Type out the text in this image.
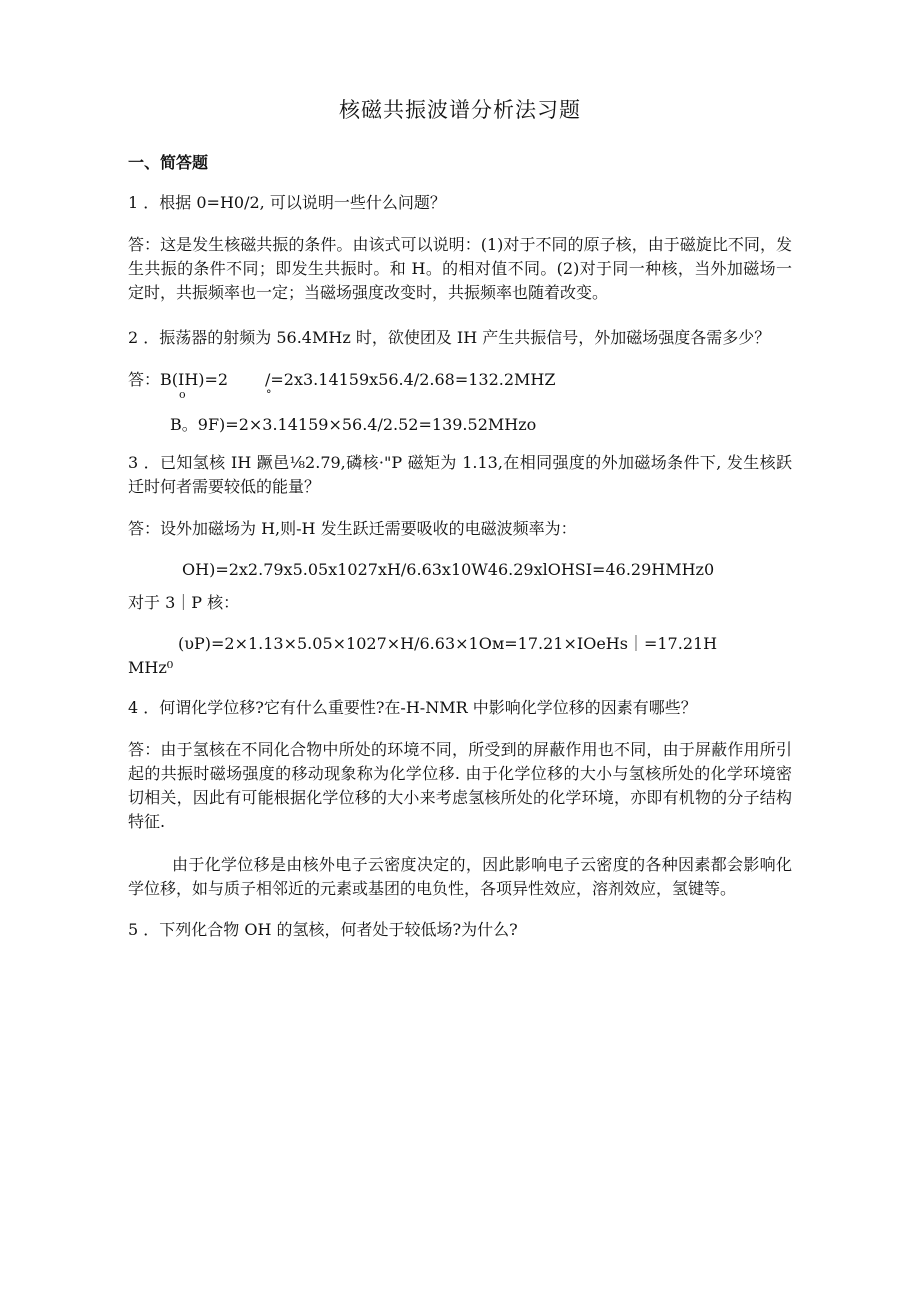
核磁共振波谱分析法习题
一、简答题
1 ．根据 0=H0/2, 可以说明一些什么问题？
答：这是发生核磁共振的条件。由该式可以说明：(1)对于不同的原子核，由于磁旋比不同，发生共振的条件不同；即发生共振时。和 H。的相对值不同。(2)对于同一种核，当外加磁场一定时，共振频率也一定；当磁场强度改变时，共振频率也随着改变。
2 ．振荡器的射频为 56.4MHz 时，欲使团及 IH 产生共振信号，外加磁场强度各需多少？
答：B(IH)=2 /=2x3.14159x56.4/2.68=132.2MHZ
o	°
B。9F)=2×3.14159×56.4/2.52=139.52MHzo
3 ．已知氢核 IH 蹶邑⅛2.79,磷核·"P 磁矩为 1.13,在相同强度的外加磁场条件下, 发生核跃迁时何者需要较低的能量？
答：设外加磁场为 H,则-H 发生跃迁需要吸收的电磁波频率为：
OH)=2x2.79x5.05x1027xH/6.63x10W46.29xlOHSI=46.29HMHz0
对于 3｜P 核：
(υP)=2×1.13×5.05×1027×H/6.63×1Oм=17.21×IOeHs｜=17.21H
MHz⁰
4 ．何谓化学位移?它有什么重要性?在-H-NMR 中影响化学位移的因素有哪些？
答：由于氢核在不同化合物中所处的环境不同，所受到的屏蔽作用也不同，由于屏蔽作用所引起的共振时磁场强度的移动现象称为化学位移. 由于化学位移的大小与氢核所处的化学环境密切相关，因此有可能根据化学位移的大小来考虑氢核所处的化学环境，亦即有机物的分子结构特征.
由于化学位移是由核外电子云密度决定的，因此影响电子云密度的各种因素都会影响化学位移，如与质子相邻近的元素或基团的电负性，各项异性效应，溶剂效应，氢键等。
5 ．下列化合物 OH 的氢核，何者处于较低场?为什么?
